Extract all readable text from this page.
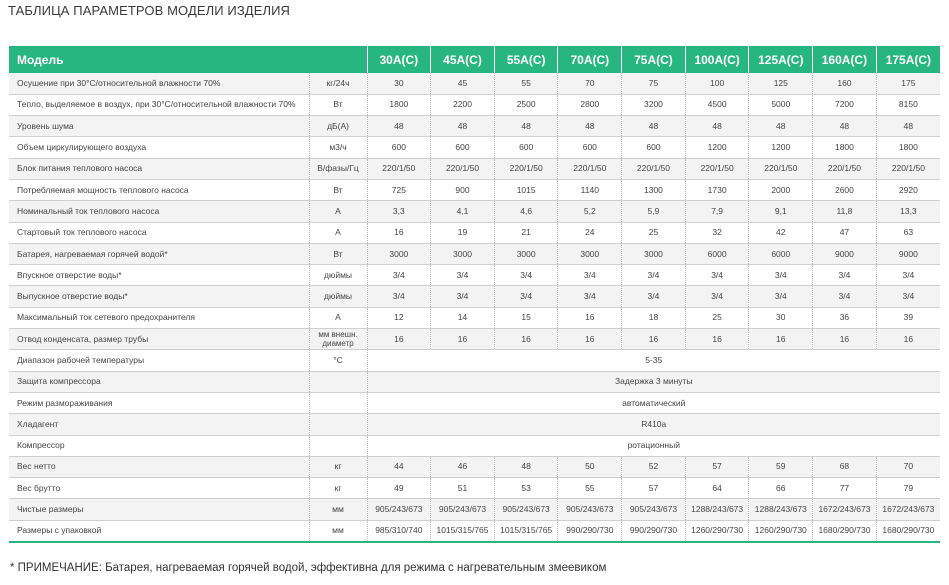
ТАБЛИЦА ПАРАМЕТРОВ МОДЕЛИ ИЗДЕЛИЯ
Модель		30A(C)	45A(C)	55A(C)	70A(C)	75A(C)	100A(C)	125A(C)	160A(C)	175A(C)
Осушение при 30°C/относительной влажности 70%	кг/24ч	30	45	55	70	75	100	125	160	175
Тепло, выделяемое в воздух, при 30°C/относительной влажности 70%	Вт	1800	2200	2500	2800	3200	4500	5000	7200	8150
Уровень шума	дБ(A)	48	48	48	48	48	48	48	48	48
Объем циркулирующего воздуха	м3/ч	600	600	600	600	600	1200	1200	1800	1800
Блок питания теплового насоса	В/фазы/Гц	220/1/50	220/1/50	220/1/50	220/1/50	220/1/50	220/1/50	220/1/50	220/1/50	220/1/50
Потребляемая мощность теплового насоса	Вт	725	900	1015	1140	1300	1730	2000	2600	2920
Номинальный ток теплового насоса	A	3,3	4,1	4,6	5,2	5,9	7,9	9,1	11,8	13,3
Стартовый ток теплового насоса	A	16	19	21	24	25	32	42	47	63
Батарея, нагреваемая горячей водой*	Вт	3000	3000	3000	3000	3000	6000	6000	9000	9000
Впускное отверстие воды*	дюймы	3/4	3/4	3/4	3/4	3/4	3/4	3/4	3/4	3/4
Выпускное отверстие воды*	дюймы	3/4	3/4	3/4	3/4	3/4	3/4	3/4	3/4	3/4
Максимальный ток сетевого предохранителя	A	12	14	15	16	18	25	30	36	39
Отвод конденсата, размер трубы	мм внешн. диаметр	16	16	16	16	16	16	16	16	16
Диапазон рабочей температуры	°C	5-35								
Защита компрессора		Задержка 3 минуты								
Режим размораживания		автоматический								
Хладагент		R410a								
Компрессор		ротационный								
Вес нетто	кг	44	46	48	50	52	57	59	68	70
Вес брутто	кг	49	51	53	55	57	64	66	77	79
Чистые размеры	мм	905/243/673	905/243/673	905/243/673	905/243/673	905/243/673	1288/243/673	1288/243/673	1672/243/673	1672/243/673
Размеры с упаковкой	мм	985/310/740	1015/315/765	1015/315/765	990/290/730	990/290/730	1260/290/730	1260/290/730	1680/290/730	1680/290/730
* ПРИМЕЧАНИЕ: Батарея, нагреваемая горячей водой, эффективна для режима с нагревательным змеевиком
